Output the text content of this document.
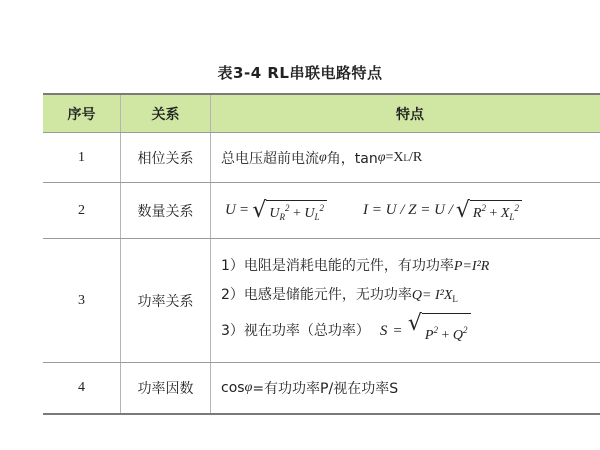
表3-4 RL串联电路特点
序号	关系	特点
1	相位关系	总电压超前电流 φ 角，tan φ =X L /R
2	数量关系	U = √ $U_R^2 + U_L^2$	I = U / Z = U / √ $R^2 + X_L^2$
3	功率关系
1）电阻是消耗电能的元件，有功功率P=I²R
2）电感是储能元件，无功功率$Q= I^2X_L$
3）视在功率（总功率） S = √ $P^2 + Q^2$
4	功率因数	cos φ =有功功率P/视在功率S
